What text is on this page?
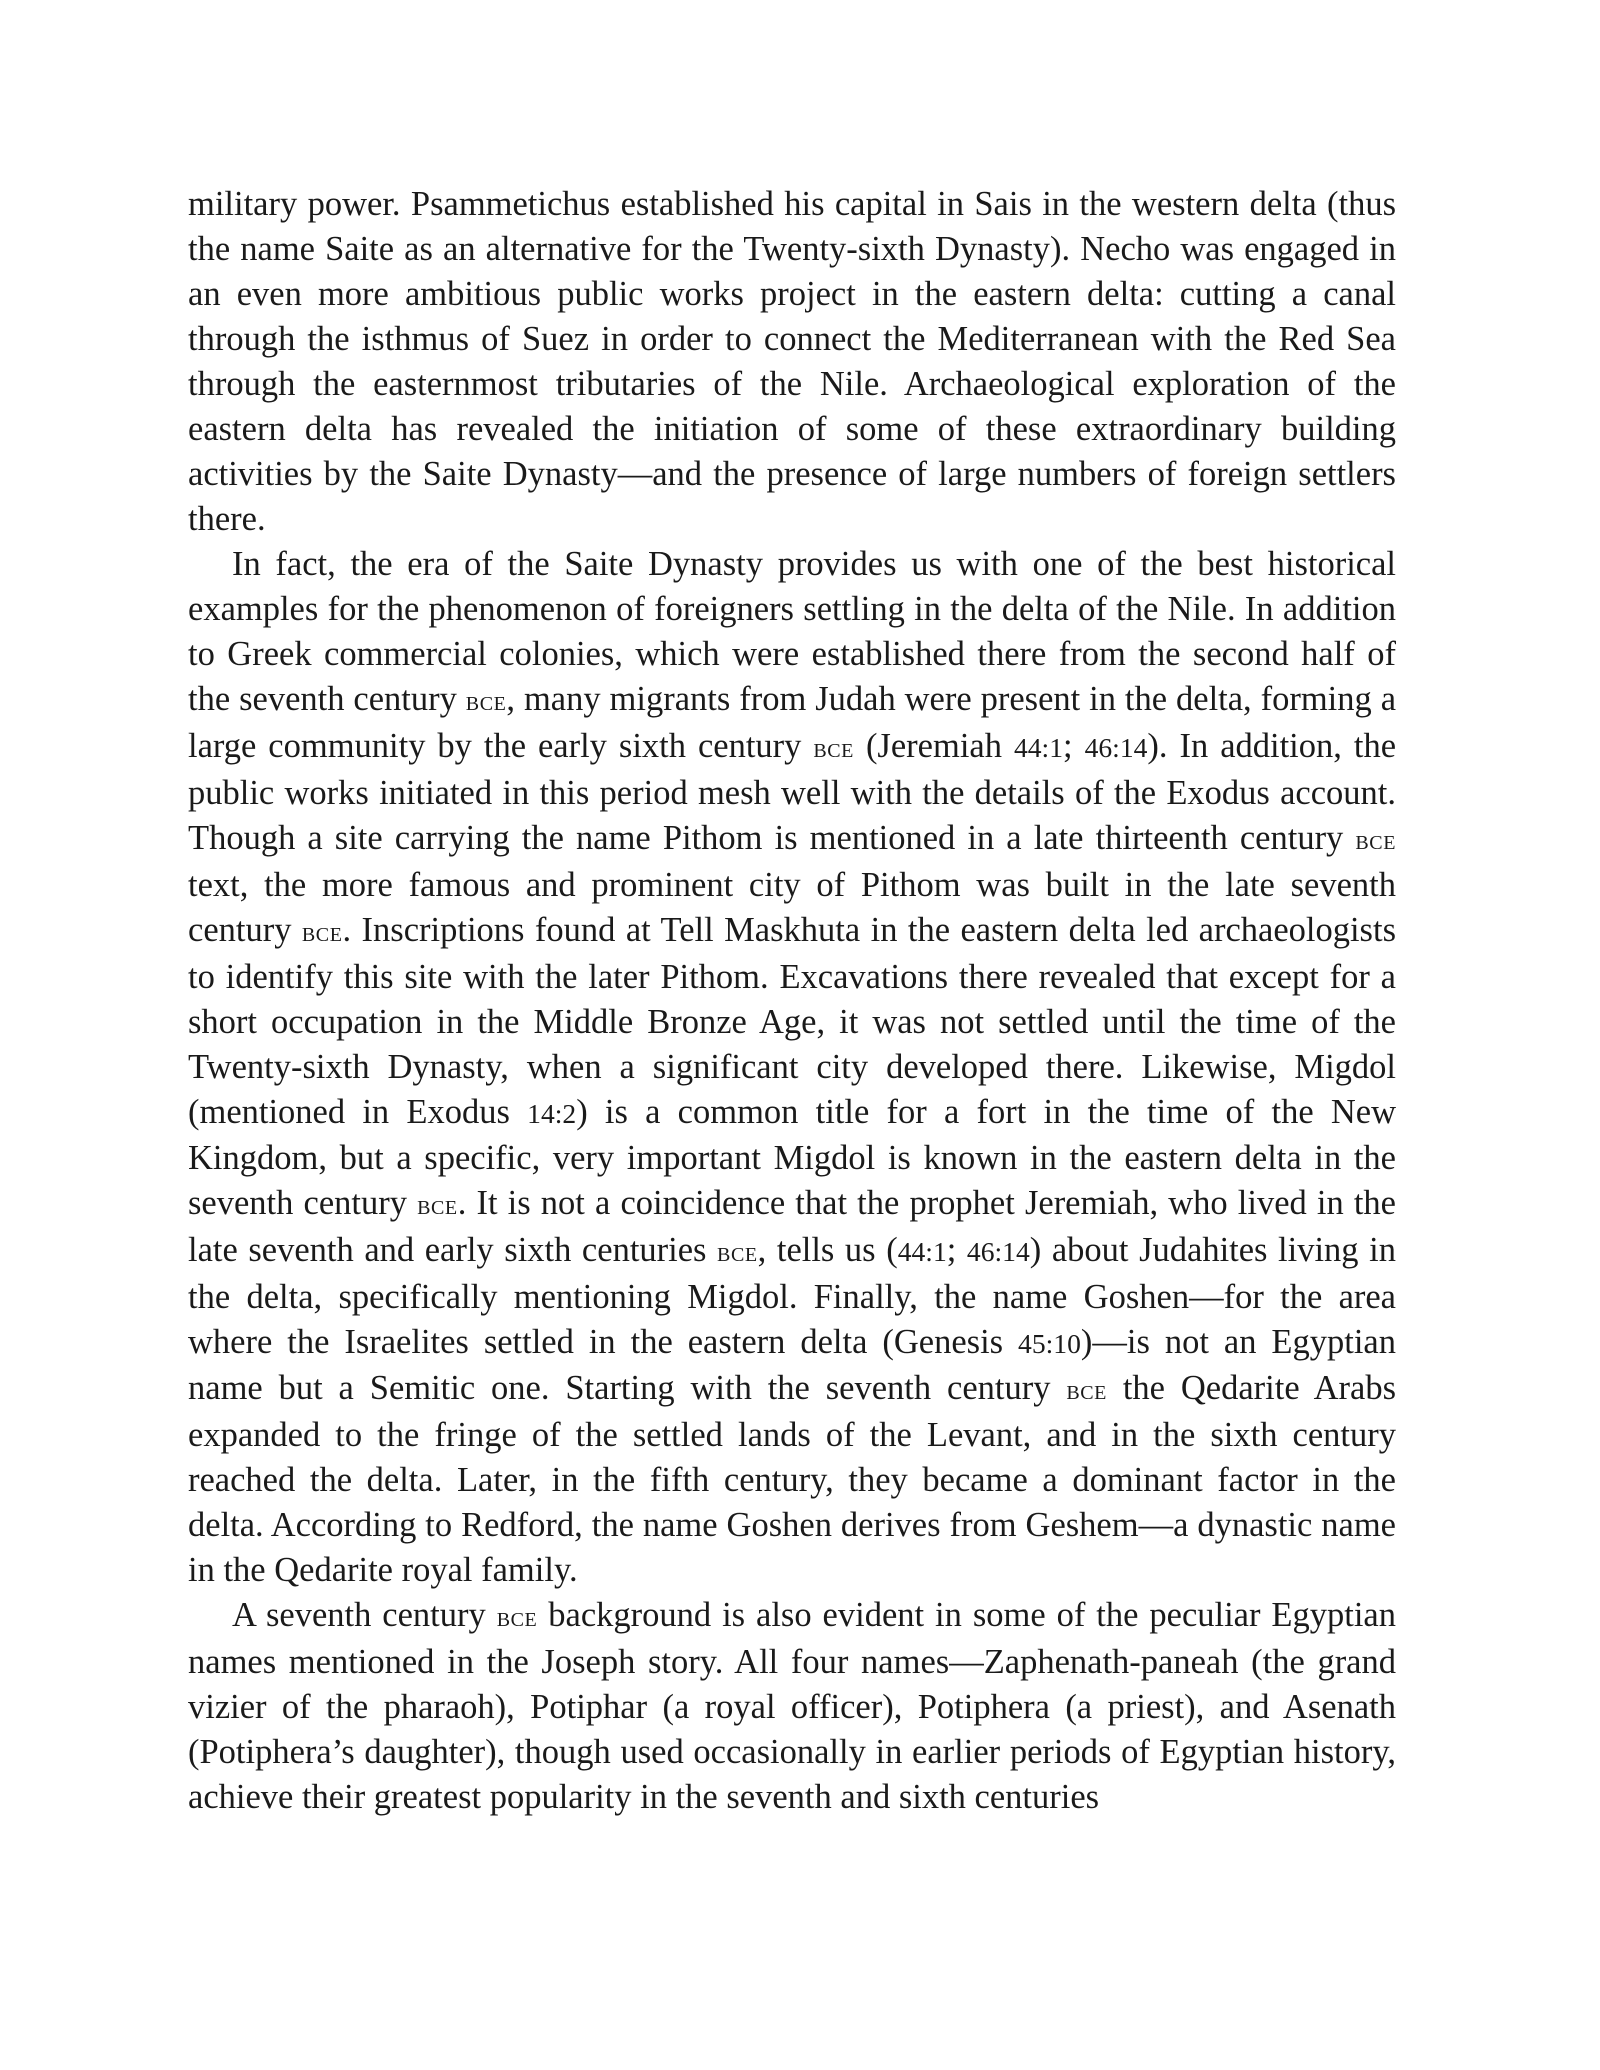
military power. Psammetichus established his capital in Sais in the western delta (thus the name Saite as an alternative for the Twenty-sixth Dynasty). Necho was engaged in an even more ambitious public works project in the eastern delta: cutting a canal through the isthmus of Suez in order to connect the Mediterranean with the Red Sea through the easternmost tributaries of the Nile. Archaeological exploration of the eastern delta has revealed the initiation of some of these extraordinary building activities by the Saite Dynasty—and the presence of large numbers of foreign settlers there.

In fact, the era of the Saite Dynasty provides us with one of the best historical examples for the phenomenon of foreigners settling in the delta of the Nile. In addition to Greek commercial colonies, which were established there from the second half of the seventh century bce, many migrants from Judah were present in the delta, forming a large community by the early sixth century bce (Jeremiah 44:1; 46:14). In addition, the public works initiated in this period mesh well with the details of the Exodus account. Though a site carrying the name Pithom is mentioned in a late thirteenth century bce text, the more famous and prominent city of Pithom was built in the late seventh century bce. Inscriptions found at Tell Maskhuta in the eastern delta led archaeologists to identify this site with the later Pithom. Excavations there revealed that except for a short occupation in the Middle Bronze Age, it was not settled until the time of the Twenty-sixth Dynasty, when a significant city developed there. Likewise, Migdol (mentioned in Exodus 14:2) is a common title for a fort in the time of the New Kingdom, but a specific, very important Migdol is known in the eastern delta in the seventh century bce. It is not a coincidence that the prophet Jeremiah, who lived in the late seventh and early sixth centuries bce, tells us (44:1; 46:14) about Judahites living in the delta, specifically mentioning Migdol. Finally, the name Goshen—for the area where the Israelites settled in the eastern delta (Genesis 45:10)—is not an Egyptian name but a Semitic one. Starting with the seventh century bce the Qedarite Arabs expanded to the fringe of the settled lands of the Levant, and in the sixth century reached the delta. Later, in the fifth century, they became a dominant factor in the delta. According to Redford, the name Goshen derives from Geshem—a dynastic name in the Qedarite royal family.

A seventh century bce background is also evident in some of the peculiar Egyptian names mentioned in the Joseph story. All four names—Zaphenath-paneah (the grand vizier of the pharaoh), Potiphar (a royal officer), Potiphera (a priest), and Asenath (Potiphera’s daughter), though used occasionally in earlier periods of Egyptian history, achieve their greatest popularity in the seventh and sixth centuries
